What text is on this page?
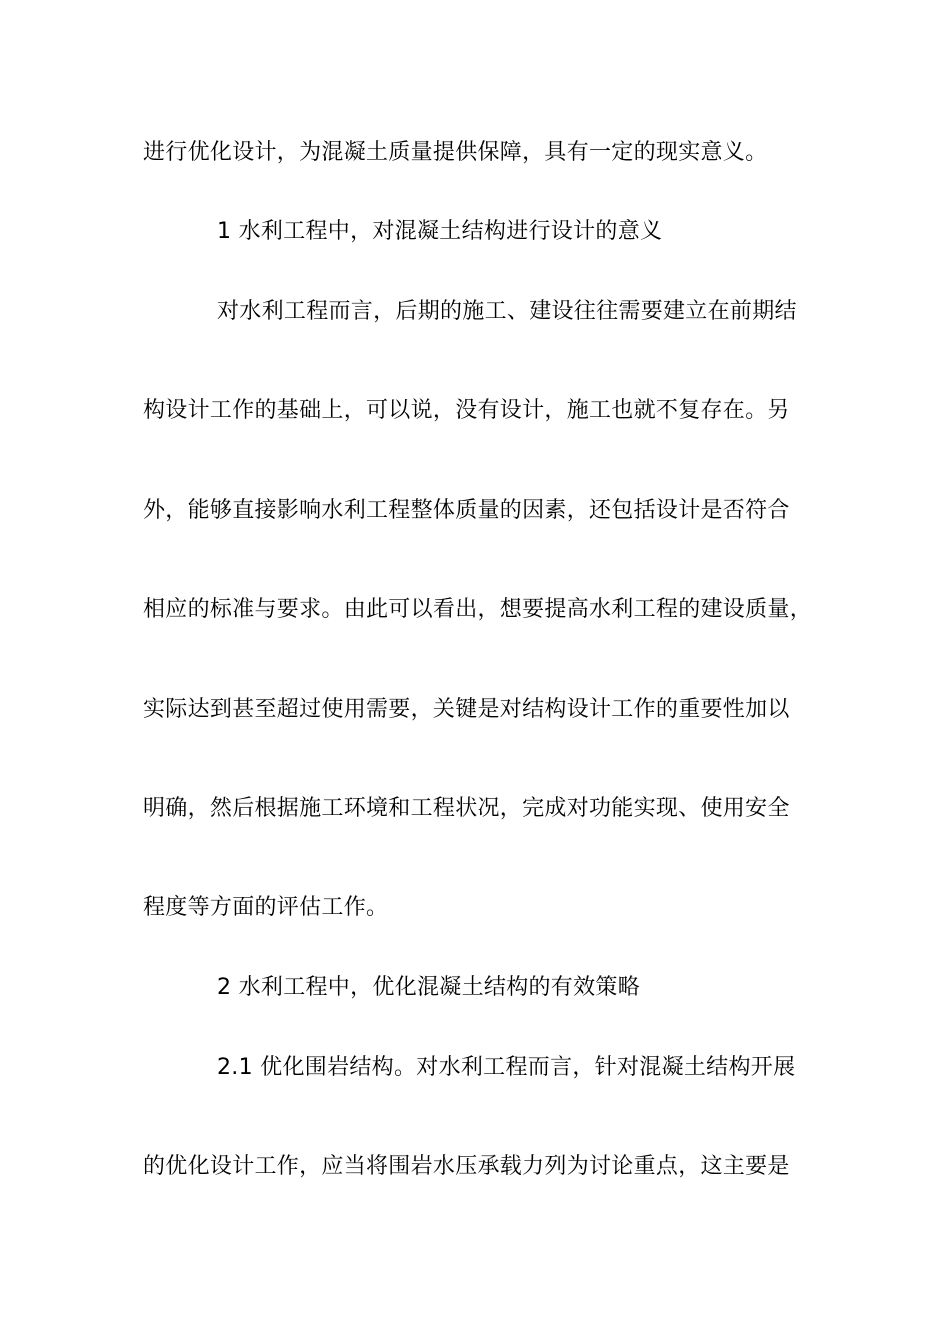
进行优化设计，为混凝土质量提供保障，具有一定的现实意义。
1 水利工程中，对混凝土结构进行设计的意义
对水利工程而言，后期的施工、建设往往需要建立在前期结
构设计工作的基础上，可以说，没有设计，施工也就不复存在。另
外，能够直接影响水利工程整体质量的因素，还包括设计是否符合
相应的标准与要求。由此可以看出，想要提高水利工程的建设质量，
实际达到甚至超过使用需要，关键是对结构设计工作的重要性加以
明确，然后根据施工环境和工程状况，完成对功能实现、使用安全
程度等方面的评估工作。
2 水利工程中，优化混凝土结构的有效策略
2.1 优化围岩结构。对水利工程而言，针对混凝土结构开展
的优化设计工作，应当将围岩水压承载力列为讨论重点，这主要是
